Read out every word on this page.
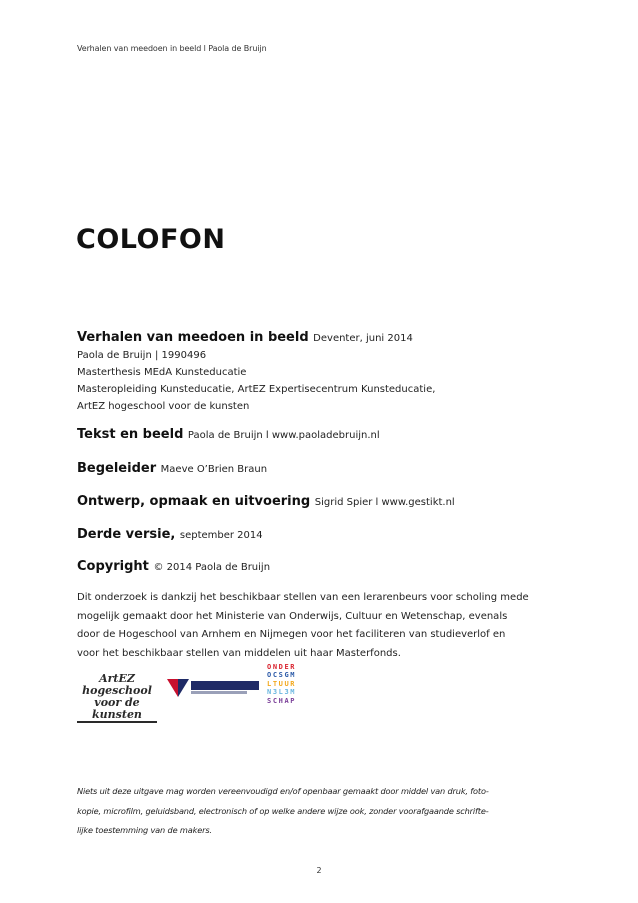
Verhalen van meedoen in beeld l Paola de Bruijn
COLOFON
Verhalen van meedoen in beeld Deventer, juni 2014
Paola de Bruijn | 1990496
Masterthesis MEdA Kunsteducatie
Masteropleiding Kunsteducatie, ArtEZ Expertisecentrum Kunsteducatie,
ArtEZ hogeschool voor de kunsten
Tekst en beeld Paola de Bruijn l www.paoladebruijn.nl
Begeleider Maeve O’Brien Braun
Ontwerp, opmaak en uitvoering Sigrid Spier l www.gestikt.nl
Derde versie, september 2014
Copyright © 2014 Paola de Bruijn
Dit onderzoek is dankzij het beschikbaar stellen van een lerarenbeurs voor scholing mede
mogelijk gemaakt door het Ministerie van Onderwijs, Cultuur en Wetenschap, evenals
door de Hogeschool van Arnhem en Nijmegen voor het faciliteren van studieverlof en
voor het beschikbaar stellen van middelen uit haar Masterfonds.
ArtEZ hogeschool
voor de kunsten
ONDER
OCSGM
LTUUR
N3L3M
SCHAP
Niets uit deze uitgave mag worden vereenvoudigd en/of openbaar gemaakt door middel van druk, foto-
kopie, microfilm, geluidsband, electronisch of op welke andere wijze ook, zonder voorafgaande schrifte-
lijke toestemming van de makers.
2
